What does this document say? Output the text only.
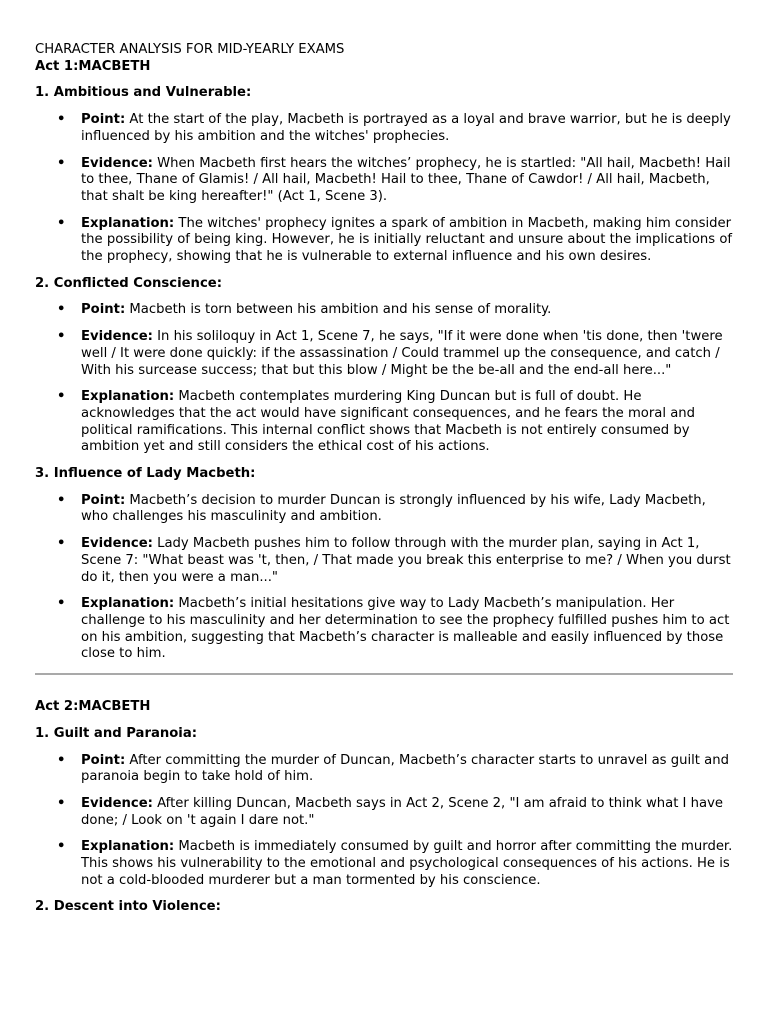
CHARACTER ANALYSIS FOR MID-YEARLY EXAMS
Act 1:MACBETH
1. Ambitious and Vulnerable:
• Point: At the start of the play, Macbeth is portrayed as a loyal and brave warrior, but he is deeply influenced by his ambition and the witches' prophecies.
• Evidence: When Macbeth first hears the witches’ prophecy, he is startled: "All hail, Macbeth! Hail to thee, Thane of Glamis! / All hail, Macbeth! Hail to thee, Thane of Cawdor! / All hail, Macbeth, that shalt be king hereafter!" (Act 1, Scene 3).
• Explanation: The witches' prophecy ignites a spark of ambition in Macbeth, making him consider the possibility of being king. However, he is initially reluctant and unsure about the implications of the prophecy, showing that he is vulnerable to external influence and his own desires.
2. Conflicted Conscience:
• Point: Macbeth is torn between his ambition and his sense of morality.
• Evidence: In his soliloquy in Act 1, Scene 7, he says, "If it were done when 'tis done, then 'twere well / It were done quickly: if the assassination / Could trammel up the consequence, and catch / With his surcease success; that but this blow / Might be the be-all and the end-all here..."
• Explanation: Macbeth contemplates murdering King Duncan but is full of doubt. He acknowledges that the act would have significant consequences, and he fears the moral and political ramifications. This internal conflict shows that Macbeth is not entirely consumed by ambition yet and still considers the ethical cost of his actions.
3. Influence of Lady Macbeth:
• Point: Macbeth’s decision to murder Duncan is strongly influenced by his wife, Lady Macbeth, who challenges his masculinity and ambition.
• Evidence: Lady Macbeth pushes him to follow through with the murder plan, saying in Act 1, Scene 7: "What beast was 't, then, / That made you break this enterprise to me? / When you durst do it, then you were a man..."
• Explanation: Macbeth’s initial hesitations give way to Lady Macbeth’s manipulation. Her challenge to his masculinity and her determination to see the prophecy fulfilled pushes him to act on his ambition, suggesting that Macbeth’s character is malleable and easily influenced by those close to him.
Act 2:MACBETH
1. Guilt and Paranoia:
• Point: After committing the murder of Duncan, Macbeth’s character starts to unravel as guilt and paranoia begin to take hold of him.
• Evidence: After killing Duncan, Macbeth says in Act 2, Scene 2, "I am afraid to think what I have done; / Look on 't again I dare not."
• Explanation: Macbeth is immediately consumed by guilt and horror after committing the murder. This shows his vulnerability to the emotional and psychological consequences of his actions. He is not a cold-blooded murderer but a man tormented by his conscience.
2. Descent into Violence:
